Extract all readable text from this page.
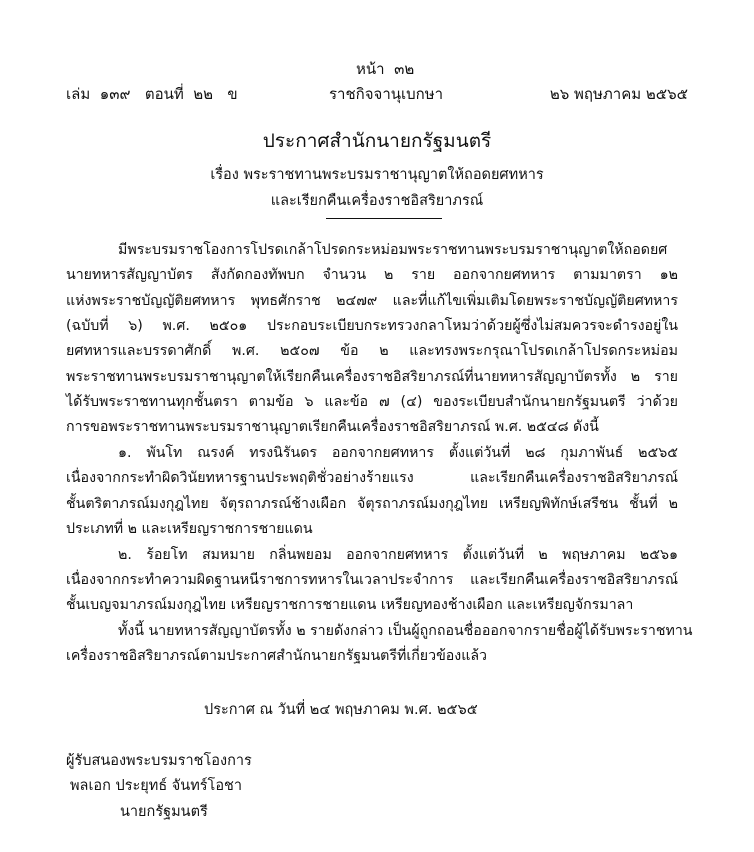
หน้า ๓๒
เล่ม ๑๓๙ ตอนที่ ๒๒ ข	ราชกิจจานุเบกษา	๒๖ พฤษภาคม ๒๕๖๕
ประกาศสำนักนายกรัฐมนตรี
เรื่อง พระราชทานพระบรมราชานุญาตให้ถอดยศทหาร
และเรียกคืนเครื่องราชอิสริยาภรณ์
มีพระบรมราชโองการโปรดเกล้าโปรดกระหม่อมพระราชทานพระบรมราชานุญาตให้ถอดยศ
นายทหารสัญญาบัตร สังกัดกองทัพบก จำนวน ๒ ราย ออกจากยศทหาร ตามมาตรา ๑๒
แห่งพระราชบัญญัติยศทหาร พุทธศักราช ๒๔๗๙ และที่แก้ไขเพิ่มเติมโดยพระราชบัญญัติยศทหาร
(ฉบับที่ ๖) พ.ศ. ๒๕๐๑ ประกอบระเบียบกระทรวงกลาโหมว่าด้วยผู้ซึ่งไม่สมควรจะดำรงอยู่ใน
ยศทหารและบรรดาศักดิ์ พ.ศ. ๒๕๐๗ ข้อ ๒ และทรงพระกรุณาโปรดเกล้าโปรดกระหม่อม
พระราชทานพระบรมราชานุญาตให้เรียกคืนเครื่องราชอิสริยาภรณ์ที่นายทหารสัญญาบัตรทั้ง ๒ ราย
ได้รับพระราชทานทุกชั้นตรา ตามข้อ ๖ และข้อ ๗ (๔) ของระเบียบสำนักนายกรัฐมนตรี ว่าด้วย
การขอพระราชทานพระบรมราชานุญาตเรียกคืนเครื่องราชอิสริยาภรณ์ พ.ศ. ๒๕๔๘ ดังนี้
๑. พันโท ณรงค์ ทรงนิรันดร ออกจากยศทหาร ตั้งแต่วันที่ ๒๘ กุมภาพันธ์ ๒๕๖๕
เนื่องจากกระทำผิดวินัยทหารฐานประพฤติชั่วอย่างร้ายแรง และเรียกคืนเครื่องราชอิสริยาภรณ์
ชั้นตริตาภรณ์มงกุฎไทย จัตุรถาภรณ์ช้างเผือก จัตุรถาภรณ์มงกุฎไทย เหรียญพิทักษ์เสรีชน ชั้นที่ ๒
ประเภทที่ ๒ และเหรียญราชการชายแดน
๒. ร้อยโท สมหมาย กลิ่นพยอม ออกจากยศทหาร ตั้งแต่วันที่ ๒ พฤษภาคม ๒๕๖๑
เนื่องจากกระทำความผิดฐานหนีราชการทหารในเวลาประจำการ และเรียกคืนเครื่องราชอิสริยาภรณ์
ชั้นเบญจมาภรณ์มงกุฎไทย เหรียญราชการชายแดน เหรียญทองช้างเผือก และเหรียญจักรมาลา
ทั้งนี้ นายทหารสัญญาบัตรทั้ง ๒ รายดังกล่าว เป็นผู้ถูกถอนชื่อออกจากรายชื่อผู้ได้รับพระราชทาน
เครื่องราชอิสริยาภรณ์ตามประกาศสำนักนายกรัฐมนตรีที่เกี่ยวข้องแล้ว
ประกาศ ณ วันที่ ๒๔ พฤษภาคม พ.ศ. ๒๕๖๕
ผู้รับสนองพระบรมราชโองการ
พลเอก ประยุทธ์ จันทร์โอชา
นายกรัฐมนตรี
